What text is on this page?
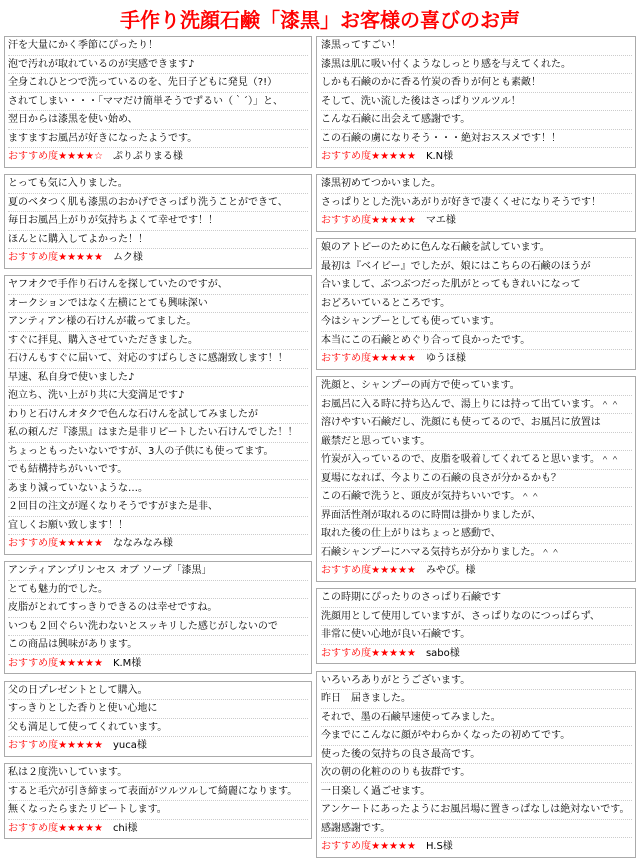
手作り洗顔石鹸「漆黒」お客様の喜びのお声
汗を大量にかく季節にぴったり！
泡で汚れが取れているのが実感できます♪
全身これひとつで洗っているのを、先日子どもに発見（?!）
されてしまい・・・「ママだけ簡単そうでずるい（｀´）」と、
翌日からは漆黒を使い始め、
ますますお風呂が好きになったようです。
おすすめ度★★★★☆ ぷりぷりまる様
とっても気に入りました。
夏のベタつく肌も漆黒のおかげでさっぱり洗うことができて、
毎日お風呂上がりが気持ちよくて幸せです！！
ほんとに購入してよかった！！
おすすめ度★★★★★ ムク様
ヤフオクで手作り石けんを探していたのですが、
オークションではなく左横にとても興味深い
アンティアン様の石けんが載ってました。
すぐに拝見、購入させていただきました。
石けんもすぐに届いて、対応のすばらしさに感謝致します！！
早速、私自身で使いました♪
泡立ち、洗い上がり共に大変満足です♪
わりと石けんオタクで色んな石けんを試してみましたが
私の頼んだ『漆黒』はまた是非リピートしたい石けんでした！！
ちょっともったいないですが、3人の子供にも使ってます。
でも結構持ちがいいです。
あまり減っていないような…。
２回目の注文が遅くなりそうですがまた是非、
宜しくお願い致します！！
おすすめ度★★★★★ ななみなみ様
アンティアンプリンセス オブ ソープ「漆黒」
とても魅力的でした。
皮脂がとれてすっきりできるのは幸せですね。
いつも２回ぐらい洗わないとスッキリした感じがしないので
この商品は興味があります。
おすすめ度★★★★★ K.M様
父の日プレゼントとして購入。
すっきりとした香りと使い心地に
父も満足して使ってくれています。
おすすめ度★★★★★ yuca様
私は２度洗いしています。
すると毛穴が引き締まって表面がツルツルして綺麗になります。
無くなったらまたリピートします。
おすすめ度★★★★★ chi様
漆黒ってすごい！
漆黒は肌に吸い付くようなしっとり感を与えてくれた。
しかも石鹸のかに香る竹炭の香りが何とも素敵！
そして、洗い流した後はさっぱりツルツル！
こんな石鹸に出会えて感謝です。
この石鹸の虜になりそう・・・絶対おススメです！！
おすすめ度★★★★★ K.N様
漆黒初めてつかいました。
さっぱりとした洗いあがりが好きで凄くくせになりそうです！
おすすめ度★★★★★ マエ様
娘のアトピーのために色んな石鹸を試しています。
最初は『ベイビー』でしたが、娘にはこちらの石鹸のほうが
合いまして、ぶつぶつだった肌がとってもきれいになって
おどろいているところです。
今はシャンプーとしても使っています。
本当にこの石鹸とめぐり合って良かったです。
おすすめ度★★★★★ ゆうほ様
洗顔と、シャンプーの両方で使っています。
お風呂に入る時に持ち込んで、湯上りには持って出ています。＾＾
溶けやすい石鹸だし、洗顔にも使ってるので、お風呂に放置は
厳禁だと思っています。
竹炭が入っているので、皮脂を吸着してくれてると思います。＾＾
夏場になれば、今よりこの石鹸の良さが分かるかも？
この石鹸で洗うと、頭皮が気持ちいいです。＾＾
界面活性剤が取れるのに時間は掛かりましたが、
取れた後の仕上がりはちょっと感動で、
石鹸シャンプーにハマる気持ちが分かりました。＾＾
おすすめ度★★★★★ みやび。様
この時期にぴったりのさっぱり石鹸です
洗顔用として使用していますが、さっぱりなのにつっぱらず、
非常に使い心地が良い石鹸です。
おすすめ度★★★★★ sabo様
いろいろありがとうございます。
昨日　届きました。
それで、墨の石鹸早速使ってみました。
今までにこんなに顔がやわらかくなったの初めてです。
使った後の気持ちの良さ最高です。
次の朝の化粧ののりも抜群です。
一日楽しく過ごせます。
アンケートにあったようにお風呂場に置きっぱなしは絶対ないです。
感謝感謝です。
おすすめ度★★★★★ H.S様
